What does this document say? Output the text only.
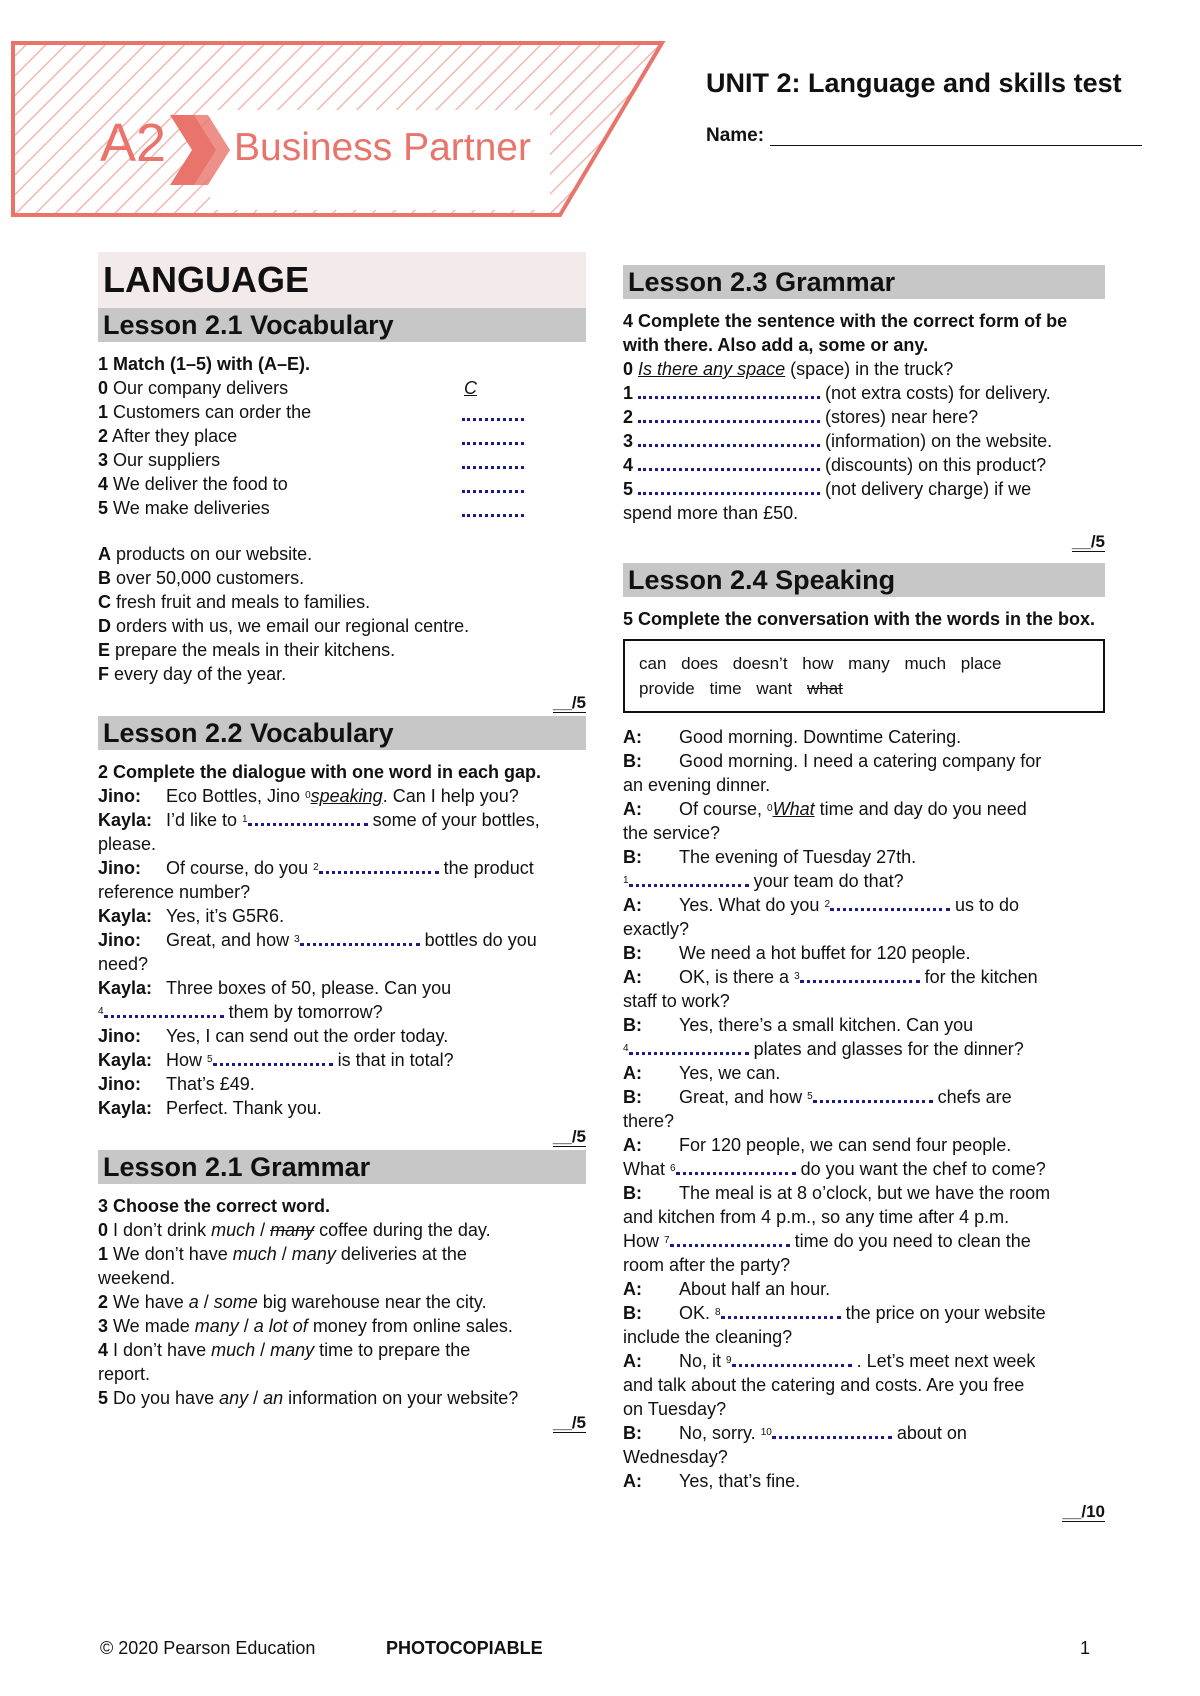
A2 Business Partner
UNIT 2: Language and skills test
Name:
LANGUAGE
Lesson 2.1 Vocabulary
1 Match (1–5) with (A–E).
0 Our company delivers	C
1 Customers can order the
2 After they place
3 Our suppliers
4 We deliver the food to
5 We make deliveries
A products on our website.
B over 50,000 customers.
C fresh fruit and meals to families.
D orders with us, we email our regional centre.
E prepare the meals in their kitchens.
F every day of the year.
__/5
Lesson 2.2 Vocabulary
2 Complete the dialogue with one word in each gap.
Jino: Eco Bottles, Jino $^0$speaking. Can I help you?
Kayla: I’d like to $^1$	some of your bottles,
please.
Jino: Of course, do you $^2$	the product
reference number?
Kayla: Yes, it’s G5R6.
Jino: Great, and how $^3$	bottles do you
need?
Kayla: Three boxes of 50, please. Can you
$^4$	them by tomorrow?
Jino: Yes, I can send out the order today.
Kayla: How $^5$	is that in total?
Jino: That’s £49.
Kayla: Perfect. Thank you.
__/5
Lesson 2.1 Grammar
3 Choose the correct word.
0 I don’t drink much / many coffee during the day.
1 We don’t have much / many deliveries at the
weekend.
2 We have a / some big warehouse near the city.
3 We made many / a lot of money from online sales.
4 I don’t have much / many time to prepare the
report.
5 Do you have any / an information on your website?
__/5
Lesson 2.3 Grammar
4 Complete the sentence with the correct form of be with there. Also add a, some or any.
0 Is there any space (space) in the truck?
1	(not extra costs) for delivery.
2	(stores) near here?
3	(information) on the website.
4	(discounts) on this product?
5	(not delivery charge) if we
spend more than £50.
__/5
Lesson 2.4 Speaking
5 Complete the conversation with the words in the box.
can does doesn’t how many much place
provide time want what
A: Good morning. Downtime Catering.
B: Good morning. I need a catering company for
an evening dinner.
A: Of course, $^0$What time and day do you need
the service?
B: The evening of Tuesday 27th.
$^1$	your team do that?
A: Yes. What do you $^2$	us to do
exactly?
B: We need a hot buffet for 120 people.
A: OK, is there a $^3$	for the kitchen
staff to work?
B: Yes, there’s a small kitchen. Can you
$^4$	plates and glasses for the dinner?
A: Yes, we can.
B: Great, and how $^5$	chefs are
there?
A: For 120 people, we can send four people.
What $^6$	do you want the chef to come?
B: The meal is at 8 o’clock, but we have the room
and kitchen from 4 p.m., so any time after 4 p.m.
How $^7$	time do you need to clean the
room after the party?
A: About half an hour.
B: OK. $^8$	the price on your website
include the cleaning?
A: No, it $^9$	. Let’s meet next week
and talk about the catering and costs. Are you free
on Tuesday?
B: No, sorry. $^{10}$	about on
Wednesday?
A: Yes, that’s fine.
__/10
© 2020 Pearson Education	PHOTOCOPIABLE	1
